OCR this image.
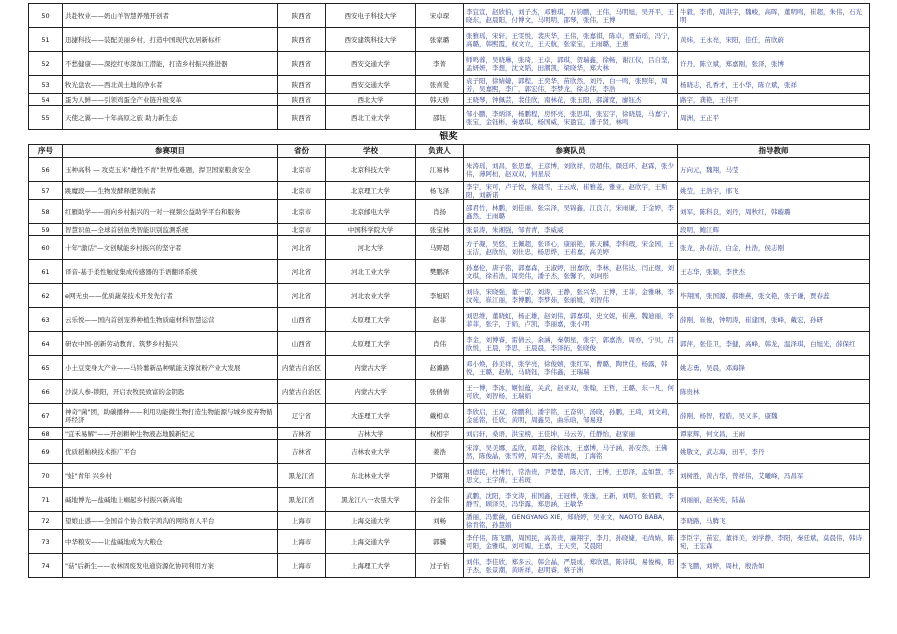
50	共赴牧业——奶山羊智慧养殖开创者	陕西省	西安电子科技大学	宋卓琛	李宜宣，赵欣伯，刘子杰，邓雅琪，万钧鹏，王伟，马明旭，吴开平，王晓东，赵晨阳，付博文，马明明，邵琴，张伟，王博	牛毅，李甫，周洪宇，魏峻，高晖，董明鸣，崔超，朱伟，石光明
51	迅捷科技——装配美丽乡村，打造中国现代农居新标杆	陕西省	西安建筑科技大学	张家璐	张雅瑶，宋轩，王雯悦，裴庆华，王伟，张嘉祺，陈卓，贾茹瑶，冯宁，高璐，韩熙霞，权文立，王天航，张家宝，王雨璐，王惠	黄炜，王永亮，宋阳，佳任，苗欣蔚
52	不愁健康——深挖红枣深加工潜能，打造乡村振兴推进器	陕西省	西安交通大学	李菁	师鸣蓉，吴晓琳，张琦，王卓，郭琪，贺瑞鑫，徐畅，谢江仪，吕自坚，孟妍妍，李想，沈文韬，田潮凯，梁晓华，郑大林	许丹，陈立斌，郑嘉刚，张泽，张博
53	牧光盘农——西北黄土地的净水者	陕西省	西安交通大学	张喜爱	袁子阳，徐婧婕，郭程，王奕华，苗欣然，刘丹，白一鸣，张照年，周芳，吴嘉熙，李广，郭宏伟，李梦龙，徐志伟，李浩	杨晓志，孔香才，王小华，陈立斌，张祥
54	蛋为人鲜——引领鸡蛋全产业链升级变革	陕西省	西北大学	韩天娇	王晓琴，钟佩芸，裴佳欣，南林花，张玉阳，郝潇宽，廖钰杰	路宇，龚艳，王伟平
55	天使之翼——十年高原之旅 助力新生态	陕西省	西北工业大学	邵钰	邹小鹏，李炳泽，杨鹏程，房怀亮，张思琪，张宏宇，徐晓晨，马嘉宁，张宝，金钰彬，秦嘉琪，杨国威，宋盈宜，潘子贤，林鸣	周洲，王正平
银奖
序号	参赛项目	省份	学校	负责人	参赛队员	指导教师
56	玉种高科 — 攻克玉米"雄性不育"世界性难题，捍卫国家粮食安全	北京市	北京科技大学	江易林	朱涛瑶，刘昌，张思嘉，王彦博，刘欣祥，房超伟，颜廷环，赵霖，张少伟，薄阿桓，赵双双，何星辰	万向元，魏翔，马莹
57	跳魔段——生物发酵释肥领航者	北京市	北京理工大学	杨飞泽	李宇，宋可，卢子悦，蔡晨雪，王云成，崔雅菱，雅亚，赵欣宇，王斯阳，刘新诺	姚莹，王浩宇，邢飞
58	红雁助学——面向乡村振兴的一对一视频公益助学平台和服务	北京市	北京邮电大学	肖扬	邵君竹，林鹏，刘佳丽，张宗泽，吴锦鑫，江良言，宋雨谦，于金婷，李鑫然，王雨璐	刘军，陈科良，刘丹，周秋红，韩璇璐
59	智慧识鱼—全球首创鱼类智能识别监测系统	北京市	中国科学院大学	张宝林	张景涛，朱湘强，邹青青，李威威	段明，鲍江辉
60	十年"激话"—文创赋能乡村振兴的坚守者	河北省	河北大学	马野超	方子凝，吴悠，王佩超，张译心，康丽艳，陈天麟，李科瑕，宋金园，王玉洁，赵欣怡，刘仕忠，杨思烨，王若嘉，高美婷	张龙，孙春洁，白金，杜浩，侯志刚
61	译音-基于柔性触觉集成传感器的手语翻译系统	河北省	河北工业大学	樊鹏泽	孙嘉伦，唐子铭，郭嘉森，王淑婷，田嘉欣，李林，赵伟达，闫正煜，刘文琪，徐若浩，周奕伟，潘子杰，张馨予，刘珂彤	王志华，张颖，李世杰
62	e网无虫——优质蔬菜技术开发先行者	河北省	河北农业大学	李旭昭	刘诗，宋晓强，董一诺，刘涛，王静，张兴华，王博，王菲，金雅琳，李汶苑，崔江丽，李博鹏，李梦茹，张丽媛，刘智伟	毕翔国，张国源，郝维燕，张文艳，张子谦，贾春蕊
63	云乐悦——国内首创宠养种植生物质磁材科智慧运营	山西省	太原理工大学	赵菲	刘思维，董晓虹，杨正雄，赵刘伟，郭嘉琪，史文妮，崔燕，魏迪丽，李菲菲，张宇，于娟，卢凯，李丽嘉，张小明	薛刚，崔俊，钟明涛，崔建国，张峰，戴宏，孙研
64	研农中国-创新劳动教育、筑梦乡村振兴	山西省	太原理工大学	肖伟	李金，刘博睿，雷倩云，余涵，秦朝星，张宇，郭嘉浩，周亦，宁贝，吕欣悦，王晨，李思，王晨晨，李泽拓，张晓俊	郭萍，张佳卫，李健，高峰，韩龙，温泽琪，白旭光，薛保红
65	小土豆变身大产业——马铃薯新品种赋能支撑贫粉产业大发展	内蒙古自治区	内蒙古大学	赵濉路	邓小焕，孙美祥，张学亮，徐俊嬉，张红军，曹璐，陶世佳，杨露，韩悦，王璐，赵航，马晓钰，李伟鑫，王瑞瑞	姚志勇，吴晨，邓海锋
66	沙漠人参-锁阳，开启农牧民致富的金钥匙	内蒙古自治区	内蒙古大学	张倩倩	王一博，李冰，姬恒蕴，关武，赵亚双，张翰，王哲，王璐，东一凡，何可欣，刘智杨，王瑞娟	陈贵林
67	神奇"菌"团，助碳播种——利用功能微生物打造生物能源与城乡废弃物循环经济	辽宁省	大连理工大学	戴相卓	李欣启，王双，徐鹏利，潘宇铭，王奋卯，汤晓，孙鹏，王琦，刘文莉，金延铭，任欣，黄明，周鑫昊，曲乐晗，邹易迎	薛刚，杨智，程皓，吴又多，康魏
68	"宜禾易解"——开创耕种生物液态地膜新纪元	吉林省	吉林大学	权相宇	刘启轩，桑语，洪宝榜，王佳坤，马云芳，任静怡，赵家丽	谭家辉，何文昌，王雨
69	优质稻籼秧技术推广平台	吉林省	吉林农业大学	姜浩	宋淳，吴美娜，孟欣，邓超，徐依冰，王嘉博，马子涵，孙安然，王佛然，陈俊晶，张雪婷，周宇杰，姜靖奥，丁海铭	姚敬文，武志海，田平，李丹
70	"蛙"青年 兴乡村	黑龙江省	东北林业大学	尹熠翔	刘德民，杜博竹，常浩贵，尹楚楚，陈天宵，王博，王思泽，孟如慧，李思文，王宇倩，王若斑	刘树胜，黄占华，曾祥伟，艾曦峰，冯昌军
71	碱地博光—盐碱地上崛起乡村振兴新高地	黑龙江省	黑龙江八一农垦大学	谷金伟	武鹏，沈阳，李文涛，崔国鑫，王冠桦，张逸，王新，刘明，张佰毅，李静雪，顾泽昊，冯华露，郑思涵，王敏华	刘丽丽，赵英宪，陆晶
72	望娘止惑——全国首个协合数字鸿沟的网络育人平台	上海市	上海交通大学	刘畅	潘丽，冯紫薇，GENGYANG XIE，郑晓婷，吴业文，NAOTO BABA，徐肯铭，孙慧娟	李晓路，马腾飞
73	中华粮安——让盐碱地成为大粮仓	上海市	上海交通大学	郭骥	李仔伟，陈飞鹏，周国民，高善贵，廉翔宇，李月，孙晓婕，毛尚婧，陈可阳，金雅琪，刘可媚，王嘉，王天奕，艾晨阳	李臣宇，苗宏，董祥美，刘学静，李阳，秦廷斌，莫晨伟，韩诗宛，王宏森
74	"菇"后新生——农林固废发电通资源化协同利用方案	上海市	上海理工大学	过子怡	刘伟，李佳欣，郑多云，韩会晶，严晨成，郑欣恩，陈诗琪，易俊梅，阳子杰，张景潮，黄昕祥，赵明睿，蔡子洲	李飞鹏，刘婷，周杜，殷浩如
